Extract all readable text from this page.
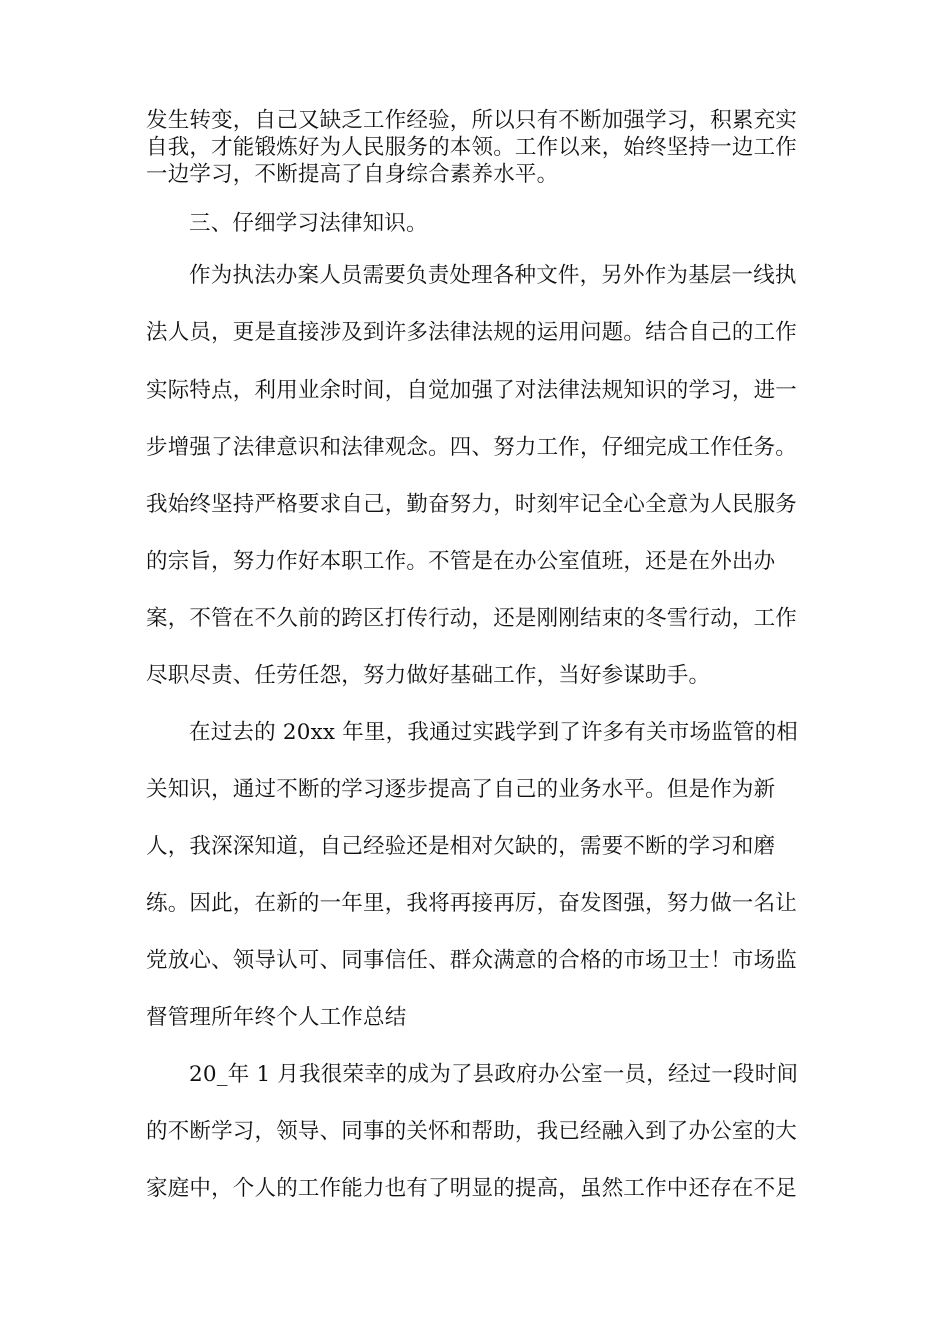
发生转变，自己又缺乏工作经验，所以只有不断加强学习，积累充实
自我，才能锻炼好为人民服务的本领。工作以来，始终坚持一边工作
一边学习，不断提高了自身综合素养水平。
三、仔细学习法律知识。
作为执法办案人员需要负责处理各种文件，另外作为基层一线执
法人员，更是直接涉及到许多法律法规的运用问题。结合自己的工作
实际特点，利用业余时间，自觉加强了对法律法规知识的学习，进一
步增强了法律意识和法律观念。四、努力工作，仔细完成工作任务。
我始终坚持严格要求自己，勤奋努力，时刻牢记全心全意为人民服务
的宗旨，努力作好本职工作。不管是在办公室值班，还是在外出办
案，不管在不久前的跨区打传行动，还是刚刚结束的冬雪行动，工作
尽职尽责、任劳任怨，努力做好基础工作，当好参谋助手。
在过去的 20xx 年里，我通过实践学到了许多有关市场监管的相
关知识，通过不断的学习逐步提高了自己的业务水平。但是作为新
人，我深深知道，自己经验还是相对欠缺的，需要不断的学习和磨
练。因此，在新的一年里，我将再接再厉，奋发图强，努力做一名让
党放心、领导认可、同事信任、群众满意的合格的市场卫士！市场监
督管理所年终个人工作总结
20_年 1 月我很荣幸的成为了县政府办公室一员，经过一段时间
的不断学习，领导、同事的关怀和帮助，我已经融入到了办公室的大
家庭中，个人的工作能力也有了明显的提高，虽然工作中还存在不足
